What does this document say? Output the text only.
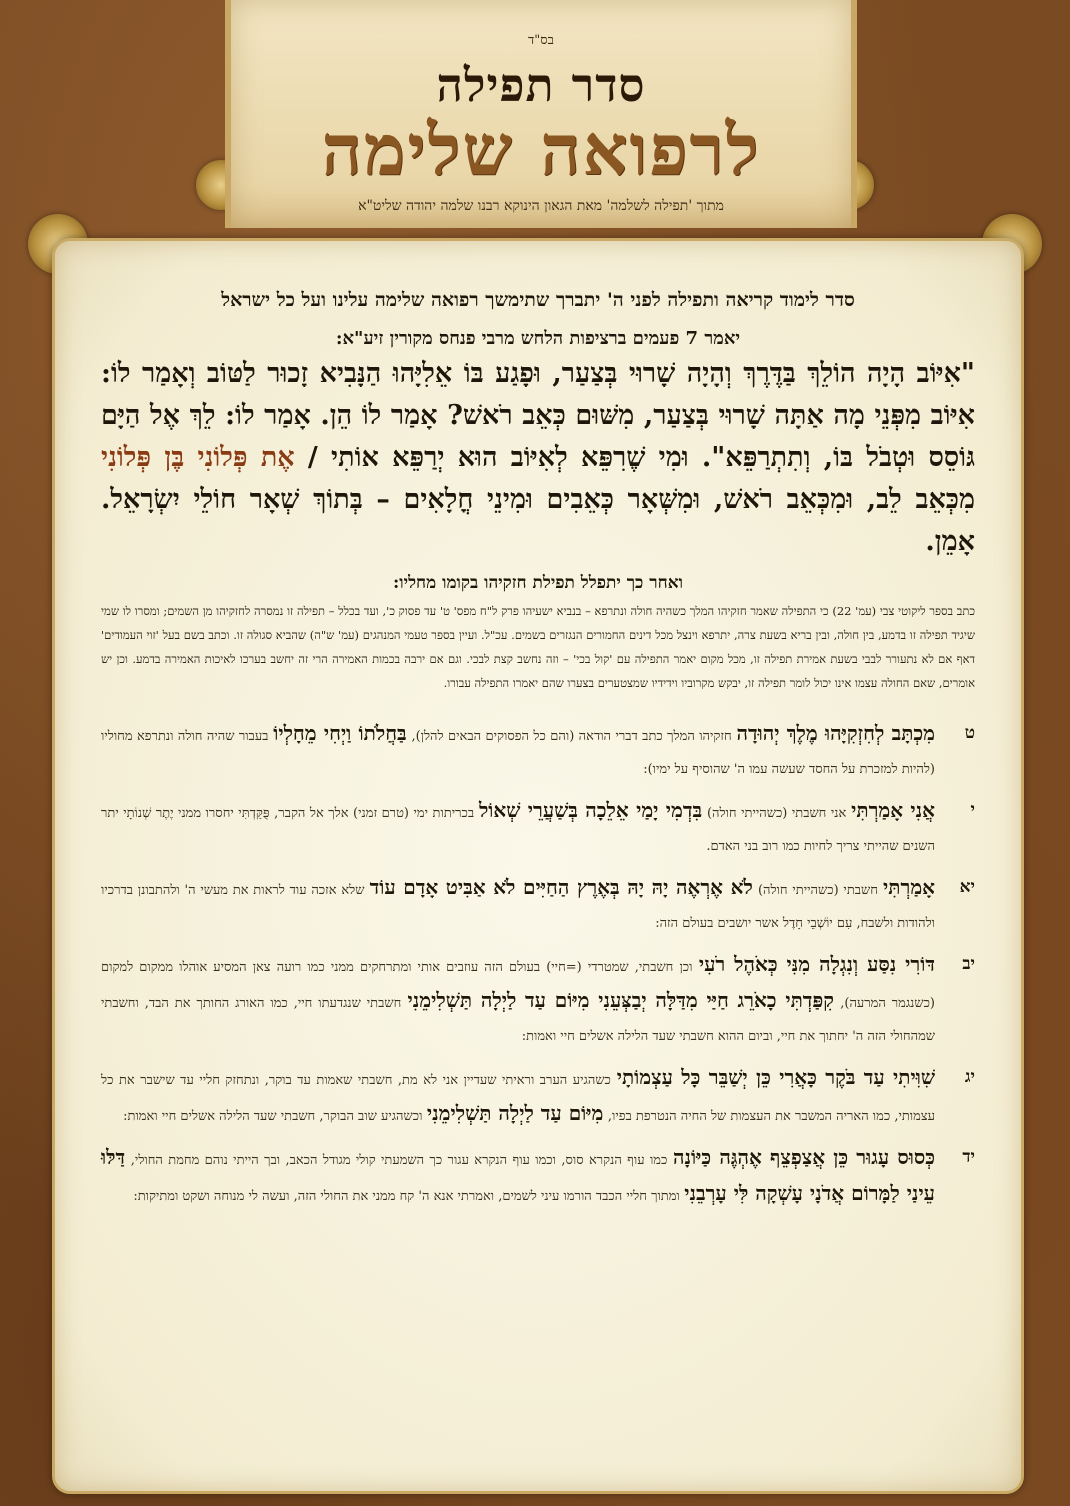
בס"ד
סדר תפילה
לרפואה שלימה
מתוך 'תפילה לשלמה' מאת הגאון הינוקא רבנו שלמה יהודה שליט"א

סדר לימוד קריאה ותפילה לפני ה' יתברך שתימשך רפואה שלימה עלינו ועל כל ישראל

יאמר 7 פעמים ברציפות הלחש מרבי פנחס מקורין זיע"א:

"אִיּוֹב הָיָה הוֹלֵךְ בַּדֶּרֶךְ וְהָיָה שָׁרוּי בְּצַעַר, וּפָגַע בּוֹ אֵלִיָּהוּ הַנָּבִיא זָכוּר לַטּוֹב וְאָמַר לוֹ: אִיּוֹב מִפְּנֵי מָה אַתָּה שָׁרוּי בְּצַעַר, מִשּׁוּם כְּאֵב רֹאשׁ? אָמַר לוֹ הֵן. אָמַר לוֹ: לֵךְ אֶל הַיָּם גּוֹסֵס וּטְבֹל בּוֹ, וְתִתְרַפֵּא". וּמִי שֶׁרִפֵּא לְאִיּוֹב הוּא יְרַפֵּא אוֹתִי / אֶת פְּלוֹנִי בֶּן פְּלוֹנִי מִכְּאֵב לֵב, וּמִכְּאֵב רֹאשׁ, וּמִשְּׁאָר כְּאֵבִים וּמִינֵי חֳלָאִים – בְּתוֹךְ שְׁאָר חוֹלֵי יִשְׂרָאֵל. אָמֵן.

ואחר כך יתפלל תפילת חזקיהו בקומו מחליו:

כתב בספר ליקוטי צבי (עמ' 22) כי התפילה שאמר חזקיהו המלך כשהיה חולה ונתרפא – בנביא ישעיהו פרק ל"ח מפס' ט' עד פסוק כ', ועד בכלל – תפילה זו נמסרה לחזקיהו מן השמים; ומסרו לו שמי שיגיד תפילה זו בדמע, בין חולה, ובין בריא בשעת צרה, יתרפא וינצל מכל דינים החמורים הנגזרים בשמים. עכ"ל. ועיין בספר טעמי המנהגים (עמ' ש"ה) שהביא סגולה זו. וכתב בשם בעל 'זוי העמודים' דאף אם לא נתעורר לבבי בשעת אמירת תפילה זו, מכל מקום יאמר התפילה עם 'קול בכי' – וזה נחשב קצת לבכי. וגם אם ירבה בכמות האמירה הרי זה יחשב בערכו לאיכות האמירה בדמע. וכן יש אומרים, שאם החולה עצמו אינו יכול לומר תפילה זו, יבקש מקרוביו וידידיו שמצטערים בצערו שהם יאמרו התפילה עבורו.

ט
מִכְתָּב לְחִזְקִיָּהוּ מֶלֶךְ יְהוּדָה חזקיהו המלך כתב דברי הודאה (והם כל הפסוקים הבאים להלן), בַּחֲלֹתוֹ וַיְחִי מֵחָלְיוֹ בעבור שהיה חולה ונתרפא מחוליו (להיות למזכרת על החסד שעשה עמו ה' שהוסיף על ימיו):
י
אֲנִי אָמַרְתִּי אני חשבתי (כשהייתי חולה) בִּדְמִי יָמַי אֵלֵכָה בְּשַׁעֲרֵי שְׁאוֹל בכריתות ימי (טרם זמני) אלך אל הקבר, פֻּקַּדְתִּי יחסרו ממני יֶתֶר שְׁנוֹתָי יתר השנים שהייתי צריך לחיות כמו רוב בני האדם.
יא
אָמַרְתִּי חשבתי (כשהייתי חולה) לֹא אֶרְאֶה יָהּ יָהּ בְּאֶרֶץ הַחַיִּים לֹא אַבִּיט אָדָם עוֹד שלא אזכה עוד לראות את מעשי ה' ולהתבונן בדרכיו ולהודות ולשבח, עִם יוֹשְׁבֵי חָדֶל אשר יושבים בעולם הזה:
יב
דּוֹרִי נִסַּע וְנִגְלָה מִנִּי כְּאֹהֶל רֹעִי וכן חשבתי, שמטרדי (=חיי) בעולם הזה עוזבים אותי ומתרחקים ממני כמו רועה צאן המסיע אוהלו ממקום למקום (כשנגמר המרעה), קִפַּדְתִּי כָאֹרֵג חַיַּי מִדַּלָּה יְבַצְּעֵנִי מִיּוֹם עַד לַיְלָה תַּשְׁלִימֵנִי חשבתי שנגדעתו חיי, כמו האורג החותך את הבד, וחשבתי שמהחולי הזה ה' יחתוך את חיי, וביום ההוא חשבתי שעד הלילה אשלים חיי ואמות:
יג
שִׁוִּיתִי עַד בֹּקֶר כָּאֲרִי כֵּן יְשַׁבֵּר כָּל עַצְמוֹתָי כשהגיע הערב וראיתי שעדיין אני לא מת, חשבתי שאמות עד בוקר, ונתחזק חליי עד שישבר את כל עצמותי, כמו האריה המשבר את העצמות של החיה הנטרפת בפיו, מִיּוֹם עַד לַיְלָה תַּשְׁלִימֵנִי וכשהגיע שוב הבוקר, חשבתי שעד הלילה אשלים חיי ואמות:
יד
כְּסוּס עָגוּר כֵּן אֲצַפְצֵף אֶהְגֶּה כַּיּוֹנָה כמו עוף הנקרא סוס, וכמו עוף הנקרא עגור כך השמעתי קולי מגודל הכאב, ובך הייתי נוהם מחמת החולי, דַּלּוּ עֵינַי לַמָּרוֹם אֲדֹנָי עָשְׁקָה לִּי עָרְבֵנִי ומתוך חליי הכבד הורמו עיני לשמים, ואמרתי אנא ה' קח ממני את החולי הזה, ועשה לי מנוחה ושקט ומתיקות:
